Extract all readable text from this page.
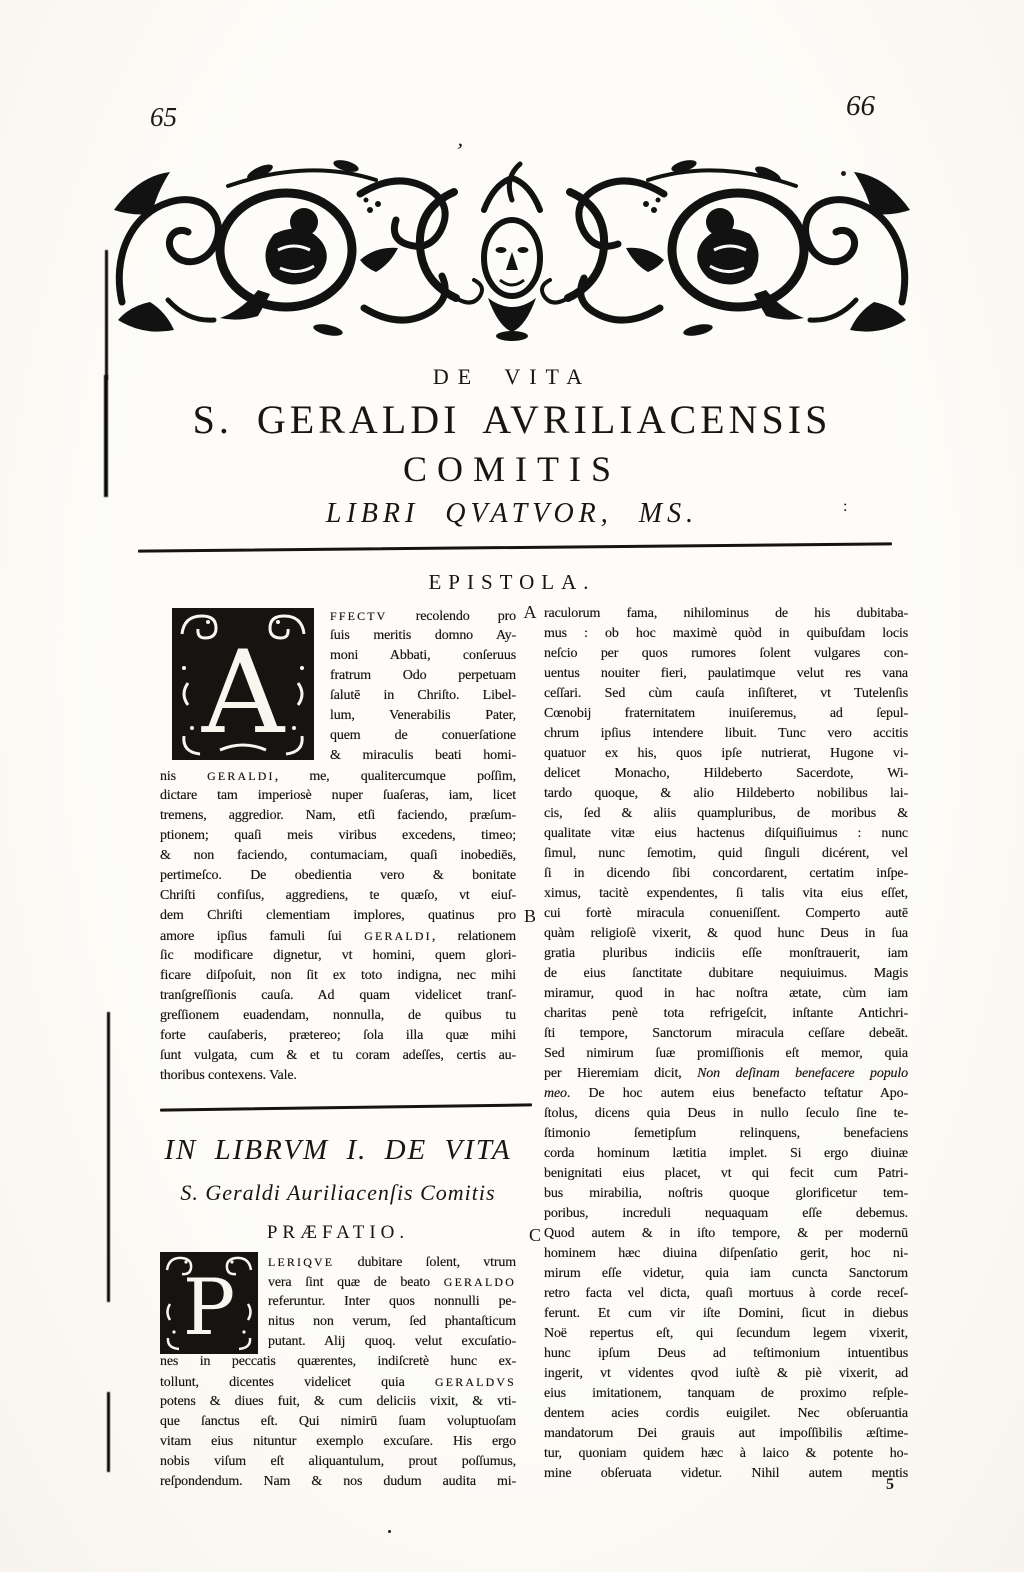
,
:
65	66
DE VITA
S. GERALDI AVRILIACENSIS
COMITIS
LIBRI QVATVOR, MS.
EPISTOLA.
A
B
C
A
FFECTV recolendo pro
ſuis meritis domno Ay-
moni Abbati, conſeruus
fratrum Odo perpetuam
ſalutē in Chriſto. Libel-
lum, Venerabilis Pater,
quem de conuerſatione
& miraculis beati homi-
nis GERALDI, me, qualitercumque poſſim,
dictare tam imperiosè nuper ſuaſeras, iam, licet
tremens, aggredior. Nam, etſi faciendo, præſum-
ptionem; quaſi meis viribus excedens, timeo;
& non faciendo, contumaciam, quaſi inobediēs,
pertimeſco. De obedientia vero & bonitate
Chriſti confiſus, aggrediens, te quæſo, vt eiuſ-
dem Chriſti clementiam implores, quatinus pro
amore ipſius famuli ſui GERALDI, relationem
ſic modificare dignetur, vt homini, quem glori-
ficare diſpoſuit, non ſit ex toto indigna, nec mihi
tranſgreſſionis cauſa. Ad quam videlicet tranſ-
greſſionem euadendam, nonnulla, de quibus tu
forte cauſaberis, prætereo; ſola illa quæ mihi
ſunt vulgata, cum & et tu coram adeſſes, certis au-
thoribus contexens. Vale.
IN LIBRVM I. DE VITA
S. Geraldi Auriliacenſis Comitis
PRÆFATIO.
P
LERIQVE dubitare ſolent, vtrum
vera ſint quæ de beato GERALDO
referuntur. Inter quos nonnulli pe-
nitus non verum, ſed phantaſticum
putant. Alij quoq. velut excuſatio-
nes in peccatis quærentes, indiſcretè hunc ex-
tollunt, dicentes videlicet quia GERALDVS
potens & diues fuit, & cum deliciis vixit, & vti-
que ſanctus eſt. Qui nimirū ſuam voluptuoſam
vitam eius nituntur exemplo excuſare. His ergo
nobis viſum eſt aliquantulum, prout poſſumus,
reſpondendum. Nam & nos dudum audita mi-
raculorum fama, nihilominus de his dubitaba-
mus : ob hoc maximè quòd in quibuſdam locis
neſcio per quos rumores ſolent vulgares con-
uentus nouiter fieri, paulatimque velut res vana
ceſſari. Sed cùm cauſa inſiſteret, vt Tutelenſis
Cœnobij fraternitatem inuiſeremus, ad ſepul-
chrum ipſius intendere libuit. Tunc vero accitis
quatuor ex his, quos ipſe nutrierat, Hugone vi-
delicet Monacho, Hildeberto Sacerdote, Wi-
tardo quoque, & alio Hildeberto nobilibus lai-
cis, ſed & aliis quampluribus, de moribus &
qualitate vitæ eius hactenus diſquiſiuimus : nunc
ſimul, nunc ſemotim, quid ſinguli dicérent, vel
ſi in dicendo ſibi concordarent, certatim inſpe-
ximus, tacitè expendentes, ſi talis vita eius eſſet,
cui fortè miracula conueniſſent. Comperto autē
quàm religioſè vixerit, & quod hunc Deus in ſua
gratia pluribus indiciis eſſe monſtrauerit, iam
de eius ſanctitate dubitare nequiuimus. Magis
miramur, quod in hac noſtra ætate, cùm iam
charitas penè tota refrigeſcit, inſtante Antichri-
ſti tempore, Sanctorum miracula ceſſare debeāt.
Sed nimirum ſuæ promiſſionis eſt memor, quia
per Hieremiam dicit, Non deſinam benefacere populo
meo. De hoc autem eius benefacto teſtatur Apo-
ſtolus, dicens quia Deus in nullo ſeculo ſine te-
ſtimonio ſemetipſum relinquens, benefaciens
corda hominum lætitia implet. Si ergo diuinæ
benignitati eius placet, vt qui fecit cum Patri-
bus mirabilia, noſtris quoque glorificetur tem-
poribus, increduli nequaquam eſſe debemus.
Quod autem & in iſto tempore, & per modernū
hominem hæc diuina diſpenſatio gerit, hoc ni-
mirum eſſe videtur, quia iam cuncta Sanctorum
retro facta vel dicta, quaſi mortuus à corde receſ-
ferunt. Et cum vir iſte Domini, ſicut in diebus
Noë repertus eſt, qui ſecundum legem vixerit,
hunc ipſum Deus ad teſtimonium intuentibus
ingerit, vt videntes qvod iuſtè & piè vixerit, ad
eius imitationem, tanquam de proximo reſple-
dentem acies cordis euigilet. Nec obſeruantia
mandatorum Dei grauis aut impoſſibilis æſtime-
tur, quoniam quidem hæc à laico & potente ho-
mine obſeruata videtur. Nihil autem mentis
5
